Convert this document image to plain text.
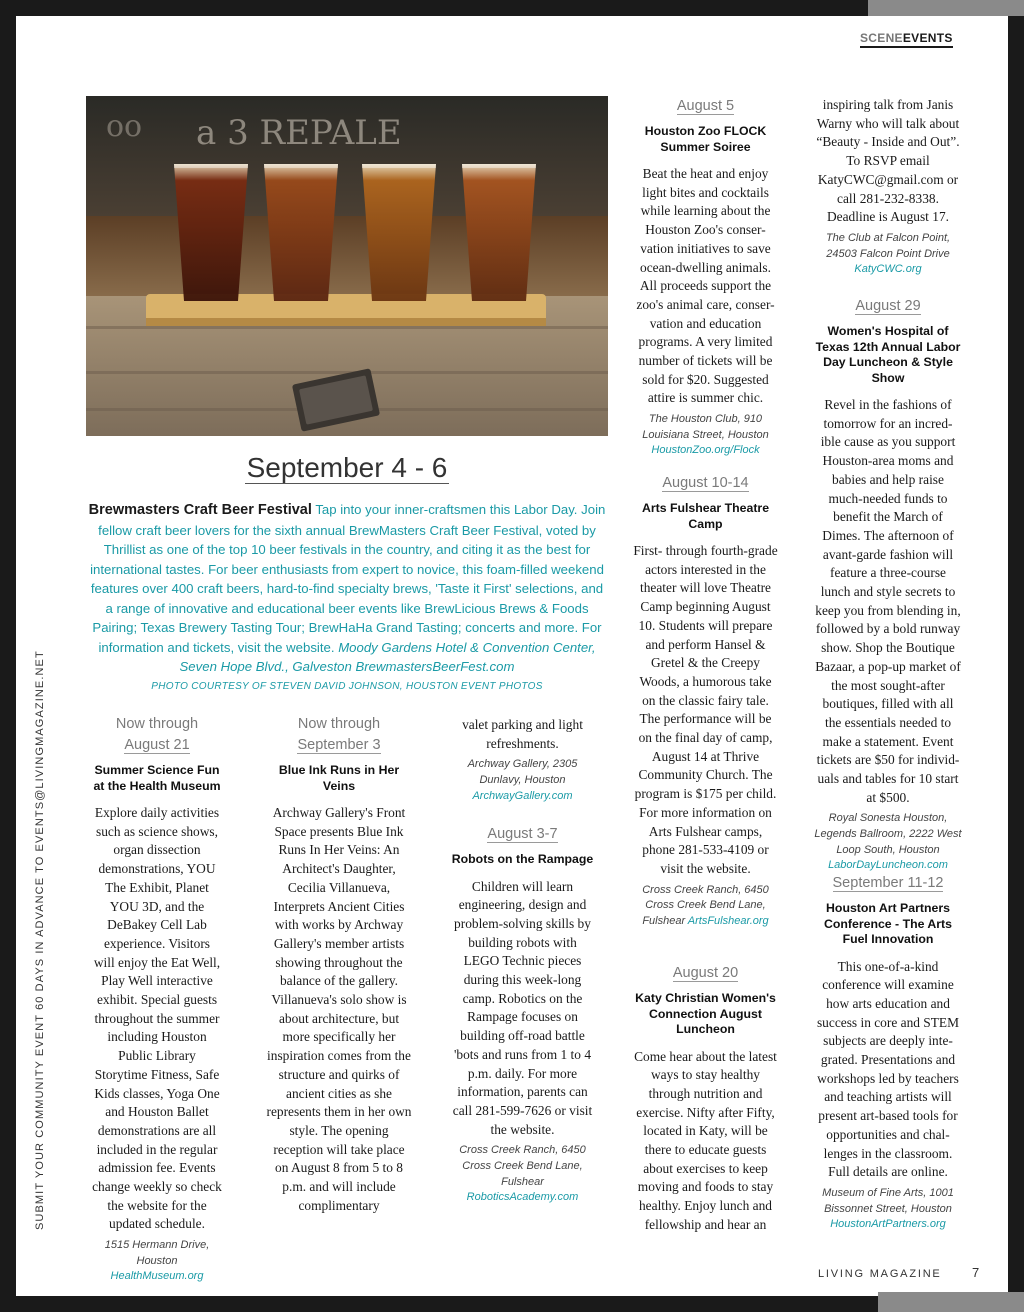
SCENEEVENTS
SUBMIT YOUR COMMUNITY EVENT 60 DAYS IN ADVANCE TO EVENTS@LIVINGMAGAZINE.NET
a 3 REPALE
oo
September 4 - 6
Brewmasters Craft Beer Festival Tap into your inner-craftsmen this Labor Day. Join fellow craft beer lovers for the sixth annual BrewMasters Craft Beer Festival, voted by Thrillist as one of the top 10 beer festivals in the country, and citing it as the best for international tastes. For beer enthusiasts from expert to novice, this foam-filled weekend features over 400 craft beers, hard-to-find specialty brews, 'Taste it First' selections, and a range of innovative and educational beer events like BrewLicious Brews & Foods Pairing; Texas Brewery Tasting Tour; BrewHaHa Grand Tasting; concerts and more. For information and tickets, visit the website. Moody Gardens Hotel & Convention Center, Seven Hope Blvd., Galveston BrewmastersBeerFest.com
PHOTO COURTESY OF STEVEN DAVID JOHNSON, HOUSTON EVENT PHOTOS
Now through
August 21
Summer Science Fun at the Health Museum
Explore daily activities such as science shows, organ dissection demonstrations, YOU The Exhibit, Planet YOU 3D, and the DeBakey Cell Lab experience. Visitors will enjoy the Eat Well, Play Well interactive exhibit. Special guests throughout the summer including Houston Public Library Storytime Fitness, Safe Kids classes, Yoga One and Houston Ballet demonstrations are all included in the regular admission fee. Events change weekly so check the website for the updated schedule.
1515 Hermann Drive, Houston HealthMuseum.org
Now through
September 3
Blue Ink Runs in Her Veins
Archway Gallery's Front Space presents Blue Ink Runs In Her Veins: An Architect's Daughter, Cecilia Villanueva, Interprets Ancient Cities with works by Archway Gallery's member artists showing throughout the balance of the gallery. Villanueva's solo show is about architecture, but more specifically her inspiration comes from the structure and quirks of ancient cities as she represents them in her own style. The opening reception will take place on August 8 from 5 to 8 p.m. and will include complimentary
valet parking and light refreshments.
Archway Gallery, 2305 Dunlavy, Houston
ArchwayGallery.com
August 3-7
Robots on the Rampage
Children will learn engineering, design and problem-solving skills by building robots with LEGO Technic pieces during this week-long camp. Robotics on the Rampage focuses on building off-road battle 'bots and runs from 1 to 4 p.m. daily. For more information, parents can call 281-599-7626 or visit the website.
Cross Creek Ranch, 6450 Cross Creek Bend Lane, Fulshear
RoboticsAcademy.com
August 5
Houston Zoo FLOCK Summer Soiree
Beat the heat and enjoy light bites and cocktails while learning about the Houston Zoo's conser-vation initiatives to save ocean-dwelling animals. All proceeds support the zoo's animal care, conser-vation and education programs. A very limited number of tickets will be sold for $20. Suggested attire is summer chic.
The Houston Club, 910 Louisiana Street, Houston
HoustonZoo.org/Flock
August 10-14
Arts Fulshear Theatre Camp
First- through fourth-grade actors interested in the theater will love Theatre Camp beginning August 10. Students will prepare and perform Hansel & Gretel & the Creepy Woods, a humorous take on the classic fairy tale. The performance will be on the final day of camp, August 14 at Thrive Community Church. The program is $175 per child. For more information on Arts Fulshear camps, phone 281-533-4109 or visit the website.
Cross Creek Ranch, 6450 Cross Creek Bend Lane, Fulshear ArtsFulshear.org
August 20
Katy Christian Women's Connection August Luncheon
Come hear about the latest ways to stay healthy through nutrition and exercise. Nifty after Fifty, located in Katy, will be there to educate guests about exercises to keep moving and foods to stay healthy. Enjoy lunch and fellowship and hear an
inspiring talk from Janis Warny who will talk about “Beauty - Inside and Out”. To RSVP email KatyCWC@gmail.com or call 281-232-8338. Deadline is August 17.
The Club at Falcon Point, 24503 Falcon Point Drive
KatyCWC.org
August 29
Women's Hospital of Texas 12th Annual Labor Day Luncheon & Style Show
Revel in the fashions of tomorrow for an incred-ible cause as you support Houston-area moms and babies and help raise much-needed funds to benefit the March of Dimes. The afternoon of avant-garde fashion will feature a three-course lunch and style secrets to keep you from blending in, followed by a bold runway show. Shop the Boutique Bazaar, a pop-up market of the most sought-after boutiques, filled with all the essentials needed to make a statement. Event tickets are $50 for individ-uals and tables for 10 start at $500.
Royal Sonesta Houston, Legends Ballroom, 2222 West Loop South, Houston
LaborDayLuncheon.com
September 11-12
Houston Art Partners Conference - The Arts Fuel Innovation
This one-of-a-kind conference will examine how arts education and success in core and STEM subjects are deeply inte-grated. Presentations and workshops led by teachers and teaching artists will present art-based tools for opportunities and chal-lenges in the classroom. Full details are online.
Museum of Fine Arts, 1001 Bissonnet Street, Houston
HoustonArtPartners.org
LIVING MAGAZINE 7
